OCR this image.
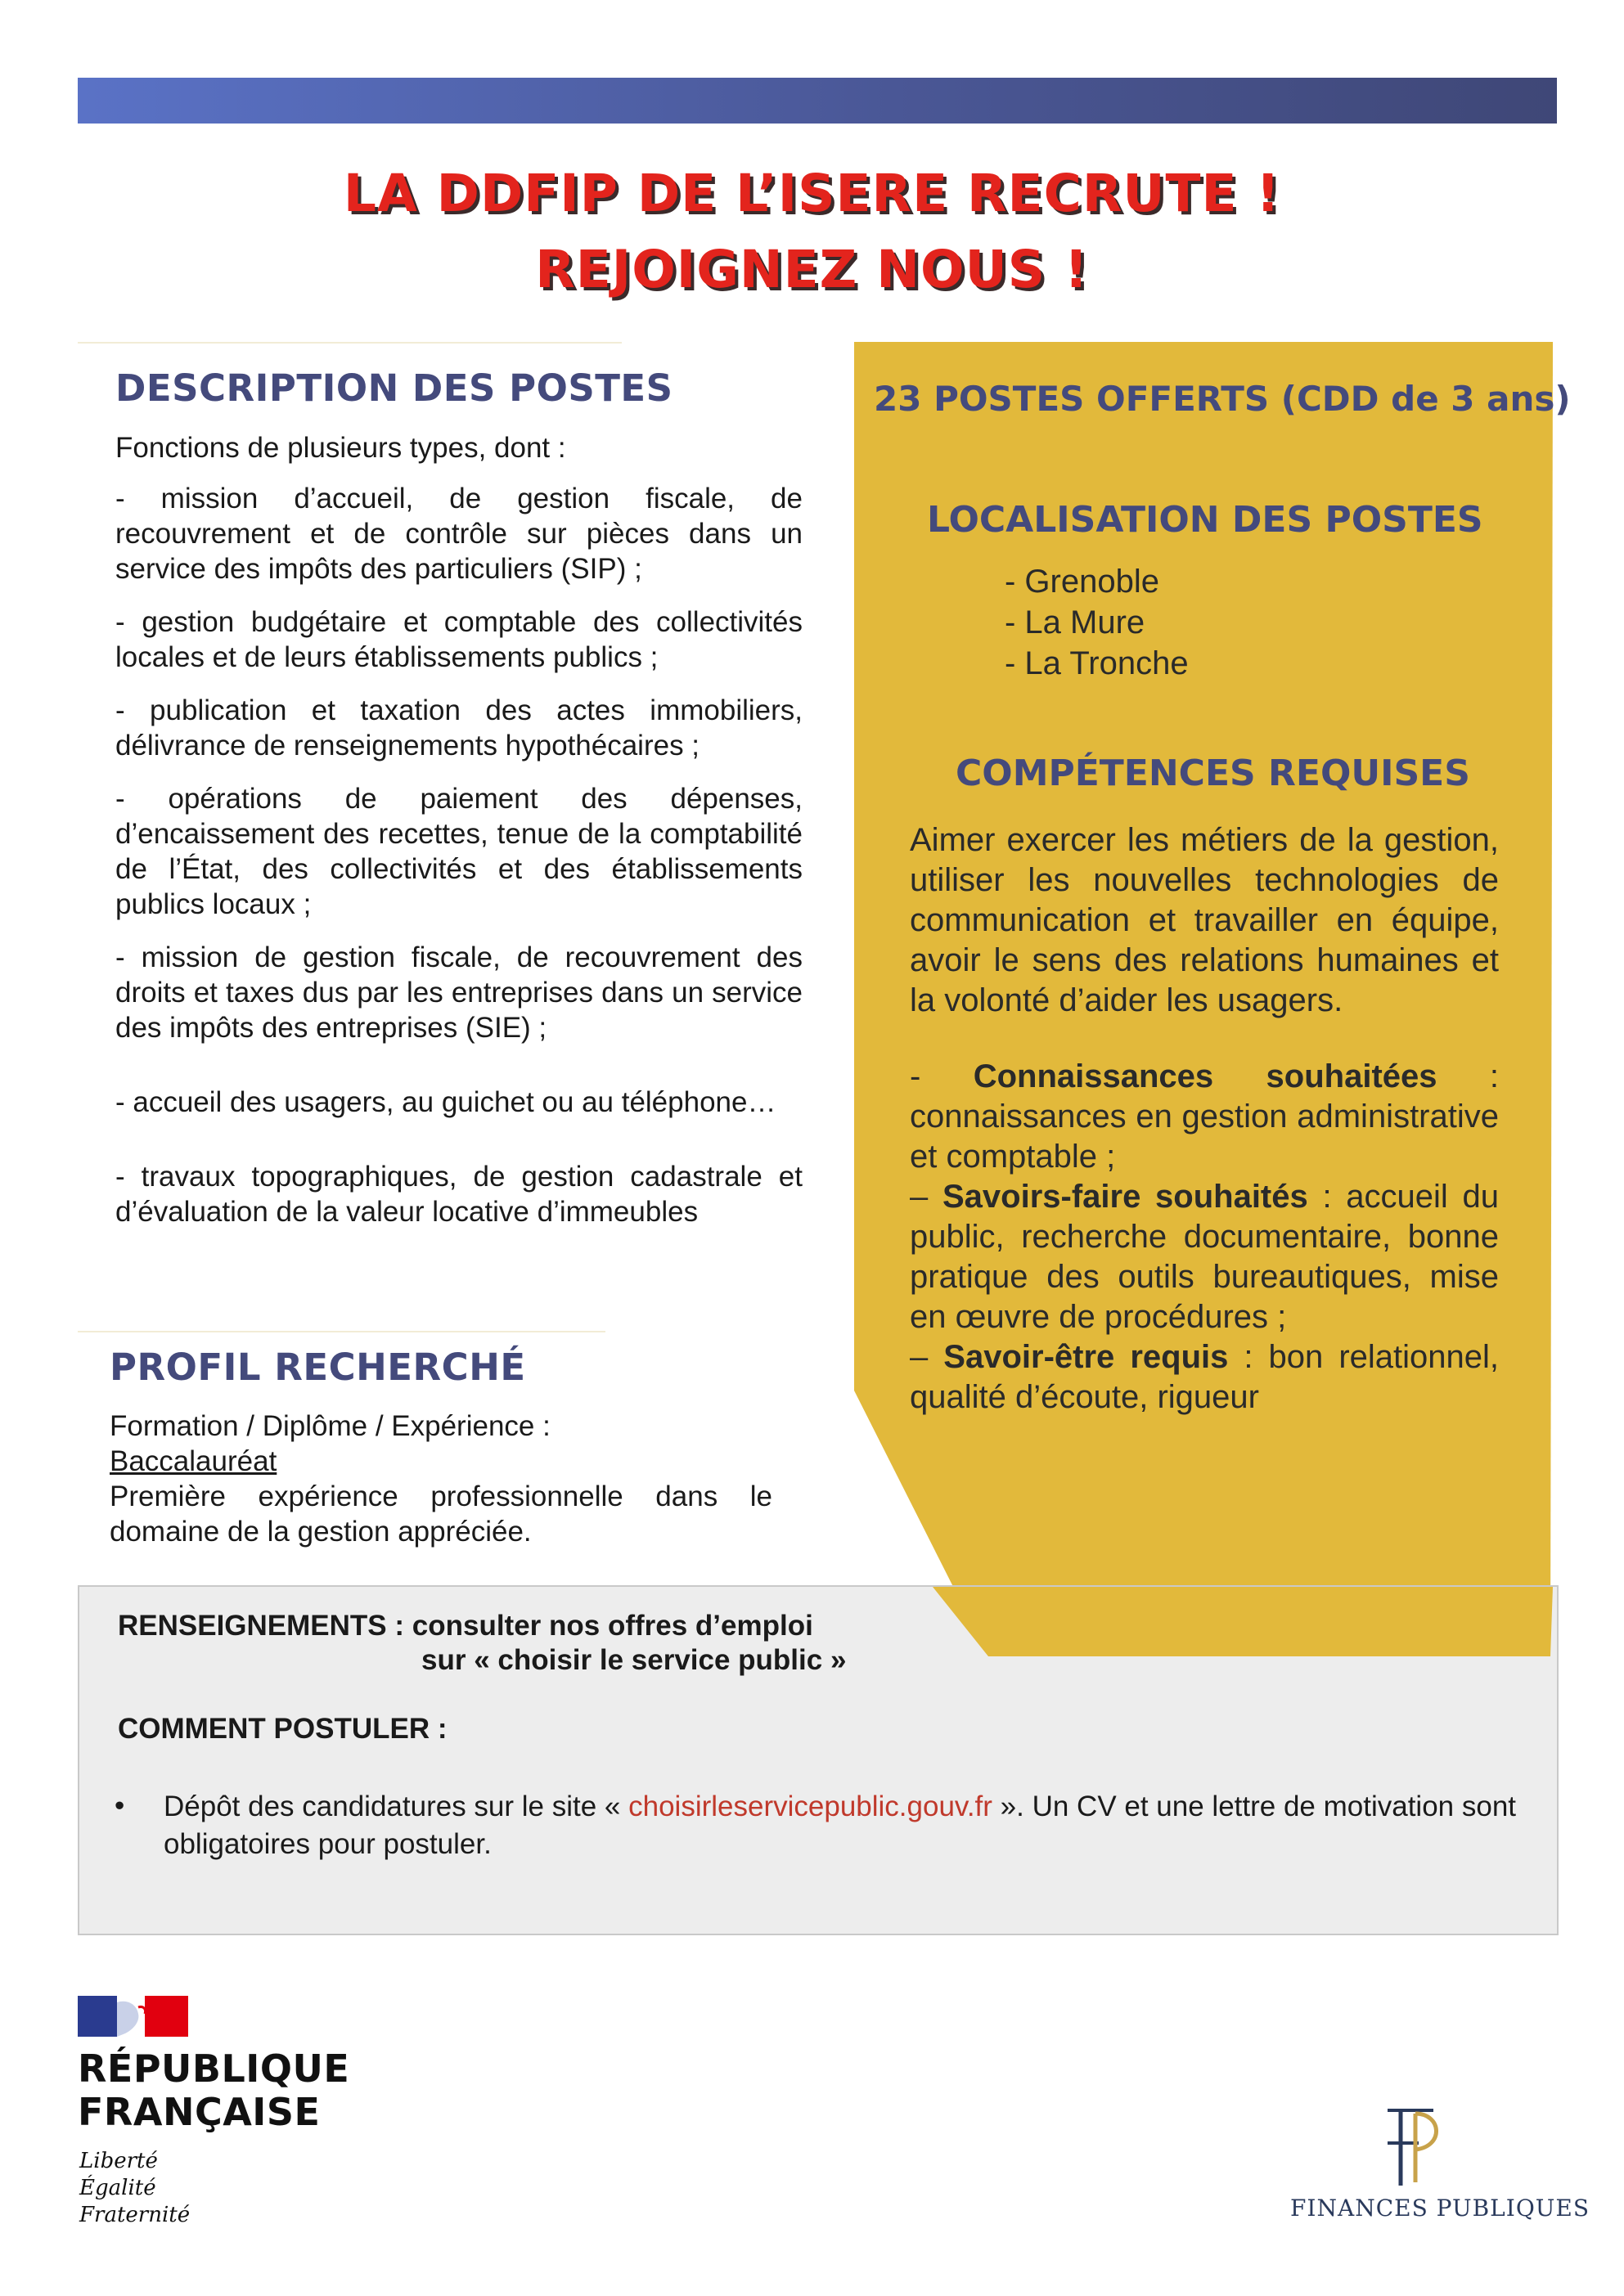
LA DDFIP DE L’ISERE RECRUTE !
REJOIGNEZ NOUS !
DESCRIPTION DES POSTES
Fonctions de plusieurs types, dont :

- mission d’accueil, de gestion fiscale, de recouvrement et de contrôle sur pièces dans un service des impôts des particuliers (SIP) ;

- gestion budgétaire et comptable des collectivités locales et de leurs établissements publics ;

- publication et taxation des actes immobiliers, délivrance de renseignements hypothécaires ;

- opérations de paiement des dépenses, d’encaissement des recettes, tenue de la comptabilité de l’État, des collectivités et des établissements publics locaux ;

- mission de gestion fiscale, de recouvrement des droits et taxes dus par les entreprises dans un service des impôts des entreprises (SIE) ;

- accueil des usagers, au guichet ou au téléphone…

- travaux topographiques, de gestion cadastrale et d’évaluation de la valeur locative d’immeubles

PROFIL RECHERCHÉ

Formation / Diplôme / Expérience :

Baccalauréat

Première expérience professionnelle dans le domaine de la gestion appréciée.

23 POSTES OFFERTS (CDD de 3 ans)
LOCALISATION DES POSTES
- Grenoble
- La Mure
- La Tronche
COMPÉTENCES REQUISES

Aimer exercer les métiers de la gestion, utiliser les nouvelles technologies de communication et travailler en équipe, avoir le sens des relations humaines et la volonté d’aider les usagers.

- Connaissances souhaitées : connaissances en gestion administrative et comptable ;

– Savoirs-faire souhaités : accueil du public, recherche documentaire, bonne pratique des outils bureautiques, mise en œuvre de procédures ;

– Savoir-être requis : bon relationnel, qualité d’écoute, rigueur

RENSEIGNEMENTS : consulter nos offres d’emploi
sur « choisir le service public »
COMMENT POSTULER :
• Dépôt des candidatures sur le site « choisirleservicepublic.gouv.fr ». Un CV et une lettre de motivation sont obligatoires pour postuler.
RÉPUBLIQUE
FRANÇAISE
Liberté
Égalité
Fraternité	FINANCES PUBLIQUES
